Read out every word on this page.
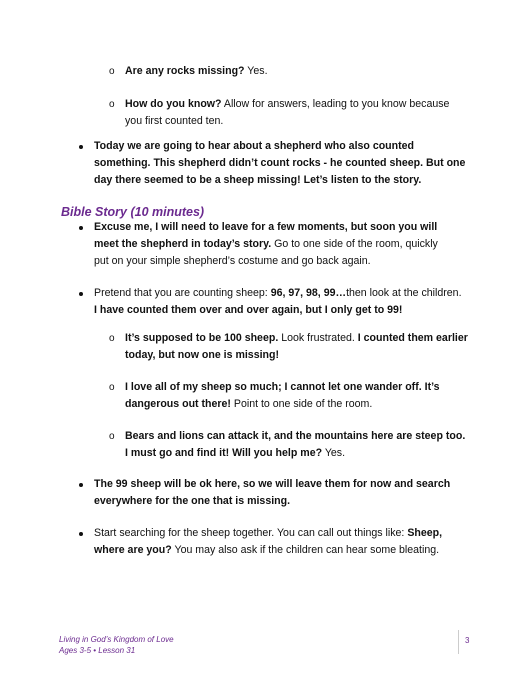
o Are any rocks missing? Yes.
o How do you know? Allow for answers, leading to you know because you first counted ten.
Today we are going to hear about a shepherd who also counted something. This shepherd didn’t count rocks - he counted sheep. But one day there seemed to be a sheep missing! Let’s listen to the story.
Bible Story (10 minutes)
Excuse me, I will need to leave for a few moments, but soon you will meet the shepherd in today’s story. Go to one side of the room, quickly put on your simple shepherd’s costume and go back again.
Pretend that you are counting sheep: 96, 97, 98, 99…then look at the children. I have counted them over and over again, but I only get to 99!
o It’s supposed to be 100 sheep. Look frustrated. I counted them earlier today, but now one is missing!
o I love all of my sheep so much; I cannot let one wander off. It’s dangerous out there! Point to one side of the room.
o Bears and lions can attack it, and the mountains here are steep too. I must go and find it! Will you help me? Yes.
The 99 sheep will be ok here, so we will leave them for now and search everywhere for the one that is missing.
Start searching for the sheep together. You can call out things like: Sheep, where are you? You may also ask if the children can hear some bleating.
Living in God’s Kingdom of Love
Ages 3-5 • Lesson 31
3
